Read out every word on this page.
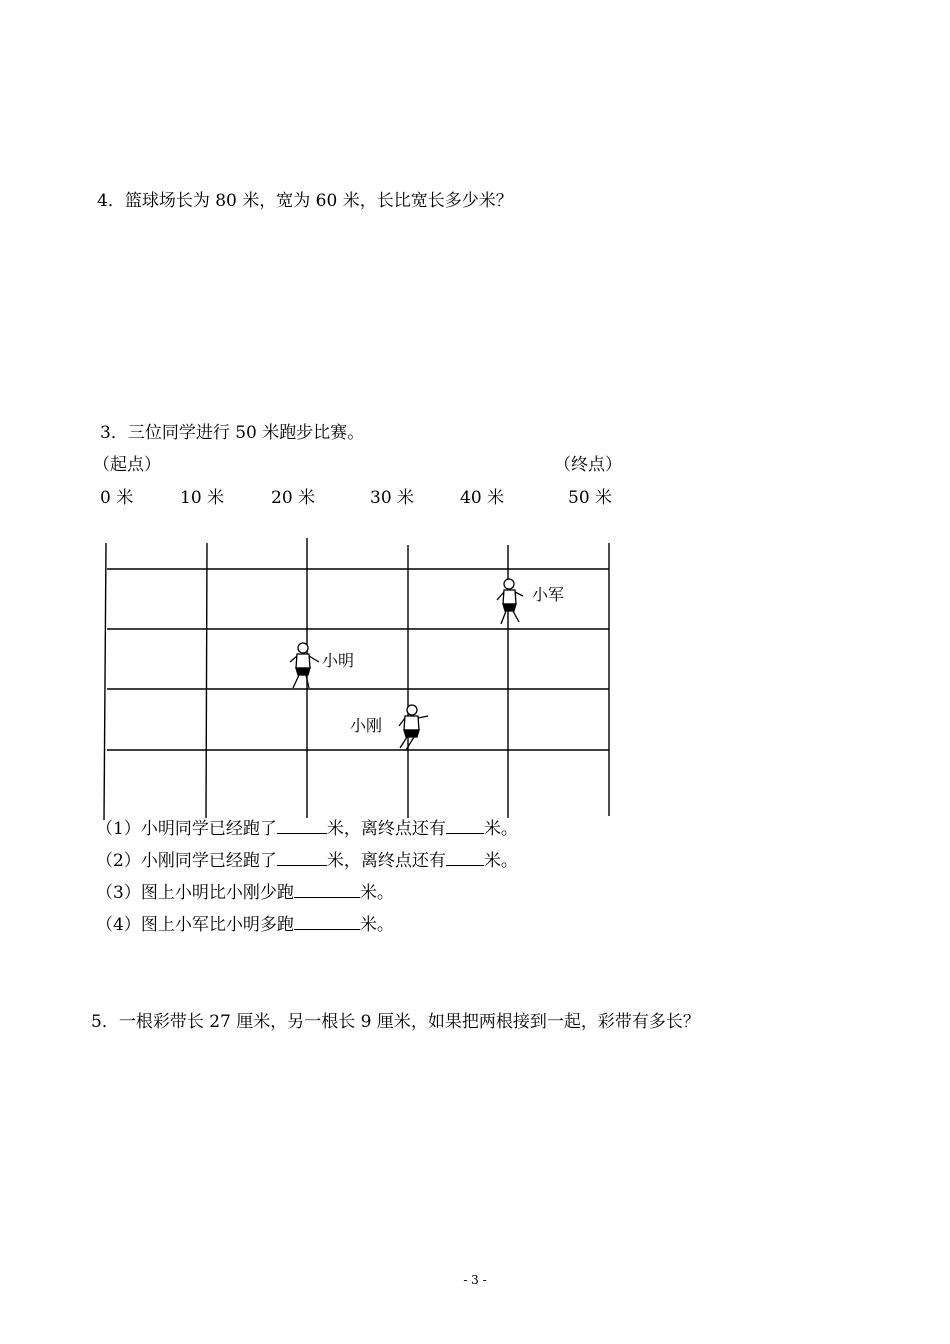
4．篮球场长为 80 米，宽为 60 米，长比宽长多少米？
3．三位同学进行 50 米跑步比赛。
（起点）	（终点）
0 米	10 米	20 米	30 米	40 米	50 米
小军
小明
小刚
（1）小明同学已经跑了	米，离终点还有 米。
（2）小刚同学已经跑了	米，离终点还有 米。
（3）图上小明比小刚少跑	米。
（4）图上小军比小明多跑	米。
5．一根彩带长 27 厘米，另一根长 9 厘米，如果把两根接到一起，彩带有多长？
- 3 -
